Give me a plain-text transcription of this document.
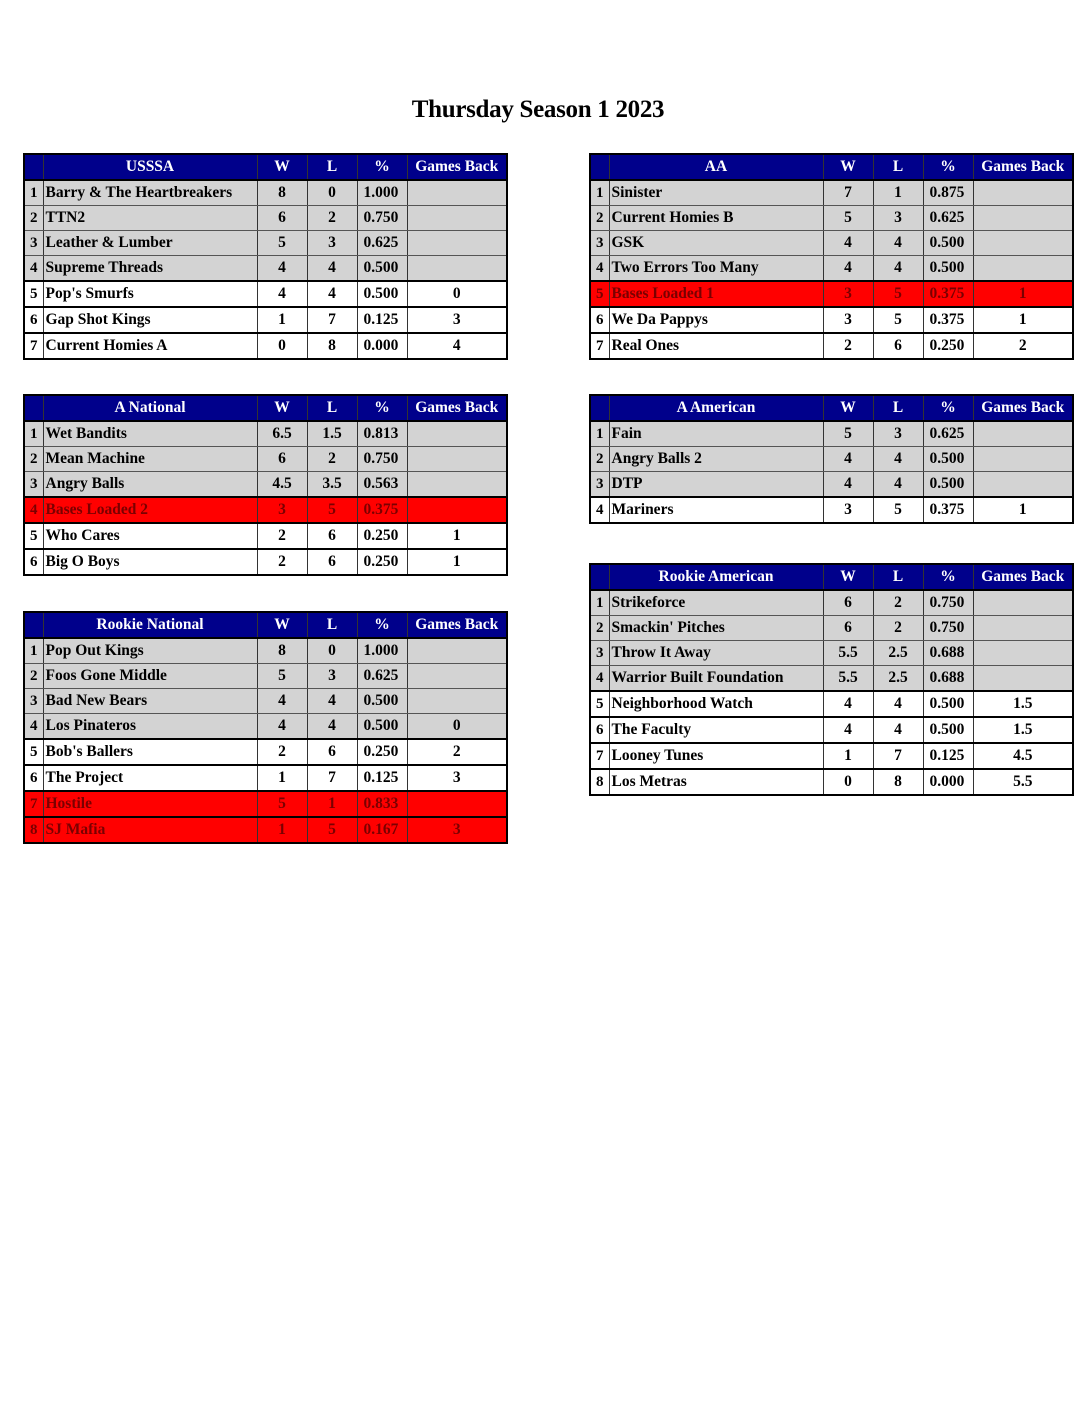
Thursday Season 1 2023
	USSSA	W	L	%	Games Back
1	Barry & The Heartbreakers	8	0	1.000	
2	TTN2	6	2	0.750	
3	Leather & Lumber	5	3	0.625	
4	Supreme Threads	4	4	0.500	
5	Pop's Smurfs	4	4	0.500	0
6	Gap Shot Kings	1	7	0.125	3
7	Current Homies A	0	8	0.000	4
	AA	W	L	%	Games Back
1	Sinister	7	1	0.875	
2	Current Homies B	5	3	0.625	
3	GSK	4	4	0.500	
4	Two Errors Too Many	4	4	0.500	
5	Bases Loaded 1	3	5	0.375	1
6	We Da Pappys	3	5	0.375	1
7	Real Ones	2	6	0.250	2
	A National	W	L	%	Games Back
1	Wet Bandits	6.5	1.5	0.813	
2	Mean Machine	6	2	0.750	
3	Angry Balls	4.5	3.5	0.563	
4	Bases Loaded 2	3	5	0.375	
5	Who Cares	2	6	0.250	1
6	Big O Boys	2	6	0.250	1
	A American	W	L	%	Games Back
1	Fain	5	3	0.625	
2	Angry Balls 2	4	4	0.500	
3	DTP	4	4	0.500	
4	Mariners	3	5	0.375	1
	Rookie American	W	L	%	Games Back
1	Strikeforce	6	2	0.750	
2	Smackin' Pitches	6	2	0.750	
3	Throw It Away	5.5	2.5	0.688	
4	Warrior Built Foundation	5.5	2.5	0.688	
5	Neighborhood Watch	4	4	0.500	1.5
6	The Faculty	4	4	0.500	1.5
7	Looney Tunes	1	7	0.125	4.5
8	Los Metras	0	8	0.000	5.5
	Rookie National	W	L	%	Games Back
1	Pop Out Kings	8	0	1.000	
2	Foos Gone Middle	5	3	0.625	
3	Bad New Bears	4	4	0.500	
4	Los Pinateros	4	4	0.500	0
5	Bob's Ballers	2	6	0.250	2
6	The Project	1	7	0.125	3
7	Hostile	5	1	0.833	
8	SJ Mafia	1	5	0.167	3
